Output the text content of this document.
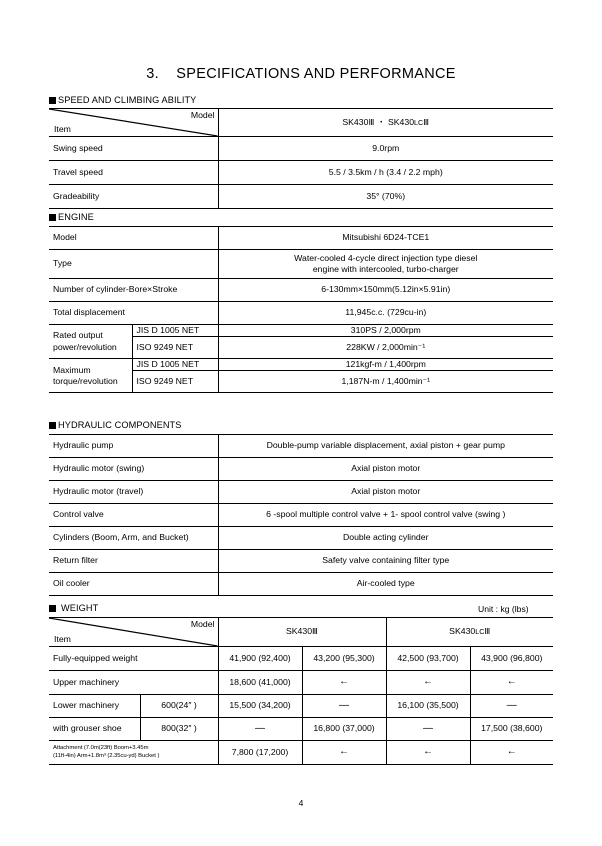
3.    SPECIFICATIONS AND PERFORMANCE
SPEED AND CLIMBING ABILITY
Model
Item	SK430Ⅲ ・ SK430LCⅢ
Swing speed	9.0rpm
Travel speed	5.5 / 3.5km / h (3.4 / 2.2 mph)
Gradeability	35° (70%)
ENGINE
Model		Mitsubishi 6D24-TCE1
Type		Water-cooled 4-cycle direct injection type diesel
engine with intercooled, turbo-charger
Number of cylinder-Bore×Stroke		6-130mm×150mm(5.12in×5.91in)
Total displacement		11,945c.c. (729cu-in)

Rated output
power/revolution	JIS D 1005 NET	310PS / 2,000rpm
	ISO 9249 NET	228KW / 2,000min⁻¹

Maximum
torque/revolution	JIS D 1005 NET	121kgf-m / 1,400rpm
	ISO 9249 NET	1,187N-m / 1,400min⁻¹
HYDRAULIC COMPONENTS
Hydraulic pump	Double-pump variable displacement, axial piston + gear pump
Hydraulic motor (swing)	Axial piston motor
Hydraulic motor (travel)	Axial piston motor
Control valve	6 -spool multiple control valve + 1- spool control valve (swing )
Cylinders (Boom, Arm, and Bucket)	Double acting cylinder
Return filter	Safety valve containing filter type
Oil cooler	Air-cooled type
WEIGHT	Unit : kg (lbs)
Model
Item		SK430Ⅲ		SK430LCⅢ	
Fully-equipped weight		41,900 (92,400)	43,200 (95,300)	42,500 (93,700)	43,900 (96,800)
Upper machinery		18,600 (41,000)	←	←	←
Lower machinery	600(24″ )	15,500 (34,200)	—	16,100 (35,500)	—
with grouser shoe	800(32″ )	—	16,800 (37,000)	—	17,500 (38,600)

Attachment (7.0m(23ft) Boom+3.45m
(11ft-4in) Arm+1.8m³ (2.35cu-yd) Bucket )		7,800 (17,200)	←	←	←
4
